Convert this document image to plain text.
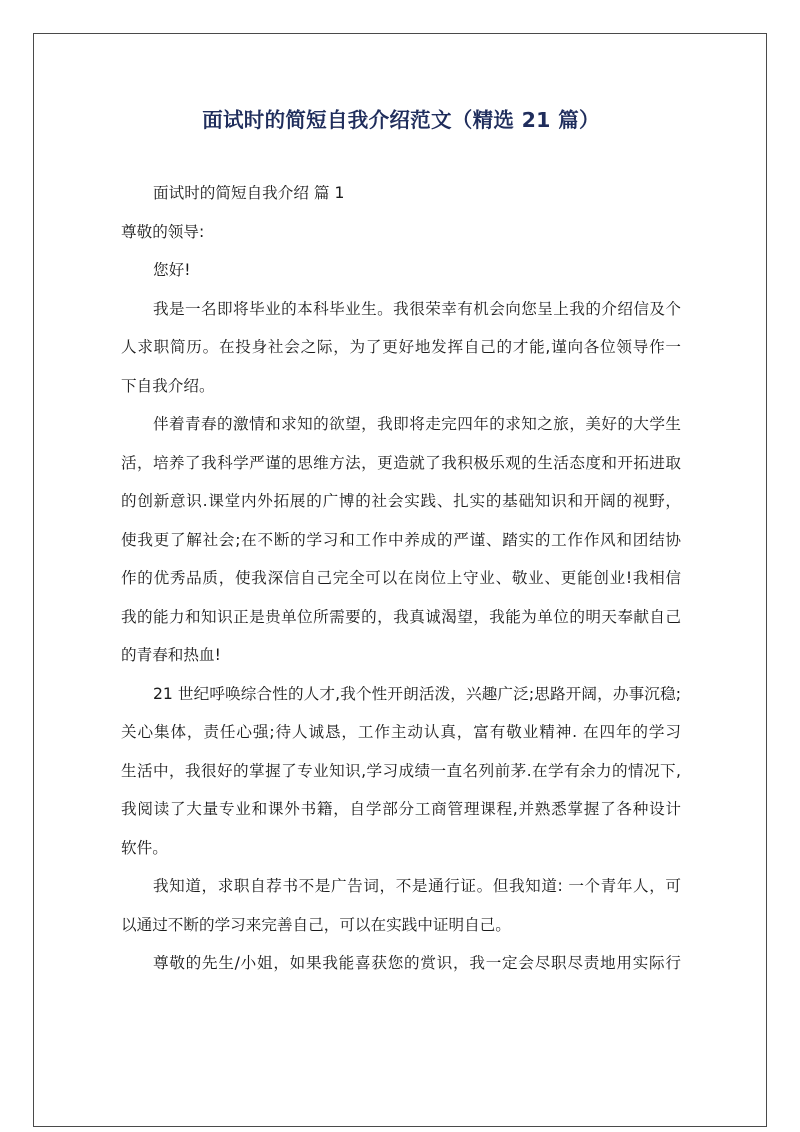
面试时的简短自我介绍范文（精选 21 篇）
面试时的简短自我介绍 篇 1
尊敬的领导:
您好!
我是一名即将毕业的本科毕业生。我很荣幸有机会向您呈上我的介绍信及个
人求职简历。在投身社会之际，为了更好地发挥自己的才能,谨向各位领导作一
下自我介绍。
伴着青春的激情和求知的欲望，我即将走完四年的求知之旅，美好的大学生
活，培养了我科学严谨的思维方法，更造就了我积极乐观的生活态度和开拓进取
的创新意识.课堂内外拓展的广博的社会实践、扎实的基础知识和开阔的视野，
使我更了解社会;在不断的学习和工作中养成的严谨、踏实的工作作风和团结协
作的优秀品质，使我深信自己完全可以在岗位上守业、敬业、更能创业!我相信
我的能力和知识正是贵单位所需要的，我真诚渴望，我能为单位的明天奉献自己
的青春和热血!
21 世纪呼唤综合性的人才,我个性开朗活泼，兴趣广泛;思路开阔，办事沉稳;
关心集体，责任心强;待人诚恳，工作主动认真，富有敬业精神. 在四年的学习
生活中，我很好的掌握了专业知识,学习成绩一直名列前茅.在学有余力的情况下,
我阅读了大量专业和课外书籍，自学部分工商管理课程,并熟悉掌握了各种设计
软件。
我知道，求职自荐书不是广告词，不是通行证。但我知道: 一个青年人，可
以通过不断的学习来完善自己，可以在实践中证明自己。
尊敬的先生/小姐，如果我能喜获您的赏识，我一定会尽职尽责地用实际行
